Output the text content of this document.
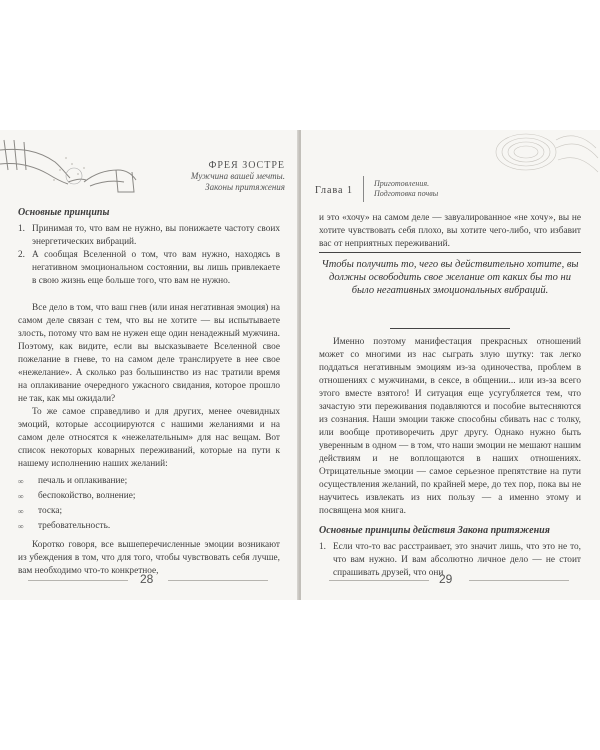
ФРЕЯ ЗОСТРЕ
Мужчина вашей мечты.
Законы притяжения
Основные принципы
1. Принимая то, что вам не нужно, вы понижаете частоту своих энергетических вибраций.
2. А сообщая Вселенной о том, что вам нужно, находясь в негативном эмоциональном состоянии, вы лишь привлекаете в свою жизнь еще больше того, что вам не нужно.

Все дело в том, что ваш гнев (или иная негативная эмоция) на самом деле связан с тем, что вы не хотите — вы испытываете злость, потому что вам не нужен еще один ненадежный мужчина. Поэтому, как видите, если вы высказываете Вселенной свое пожелание в гневе, то на самом деле транслируете в нее свое «нежелание». А сколько раз большинство из нас тратили время на оплакивание очередного ужасного свидания, которое прошло не так, как мы ожидали?

То же самое справедливо и для других, менее очевидных эмоций, которые ассоциируются с нашими желаниями и на самом деле относятся к «нежелательным» для нас вещам. Вот список некоторых коварных переживаний, которые на пути к нашему исполнению наших желаний:

∞	печаль и оплакивание;
∞	беспокойство, волнение;
∞	тоска;
∞	требовательность.

Коротко говоря, все вышеперечисленные эмоции возникают из убеждения в том, что для того, чтобы чувствовать себя лучше, вам необходимо что-то конкретное,

28
Глава 1  Приготовления.
Подготовка почвы

и это «хочу» на самом деле — завуалированное «не хочу», вы не хотите чувствовать себя плохо, вы хотите чего-либо, что избавит вас от неприятных переживаний.

Чтобы получить то, чего вы действительно хотите, вы должны освободить свое желание от каких бы то ни было негативных эмоциональных вибраций.

Именно поэтому манифестация прекрасных отношений может со многими из нас сыграть злую шутку: так легко поддаться негативным эмоциям из-за одиночества, проблем в отношениях с мужчинами, в сексе, в общении... или из-за всего этого вместе взятого! И ситуация еще усугубляется тем, что зачастую эти переживания подавляются и пособие вытесняются из сознания. Наши эмоции также способны сбивать нас с толку, или вообще противоречить друг другу. Однако нужно быть уверенным в одном — в том, что наши эмоции не мешают нашим действиям и не воплощаются в наших отношениях. Отрицательные эмоции — самое серьезное препятствие на пути осуществления желаний, по крайней мере, до тех пор, пока вы не научитесь извлекать из них пользу — а именно этому и посвящена моя книга.

Основные принципы действия Закона притяжения
1. Если что-то вас расстраивает, это значит лишь, что это не то, что вам нужно. И вам абсолютно личное дело — не стоит спрашивать друзей, что они
29
